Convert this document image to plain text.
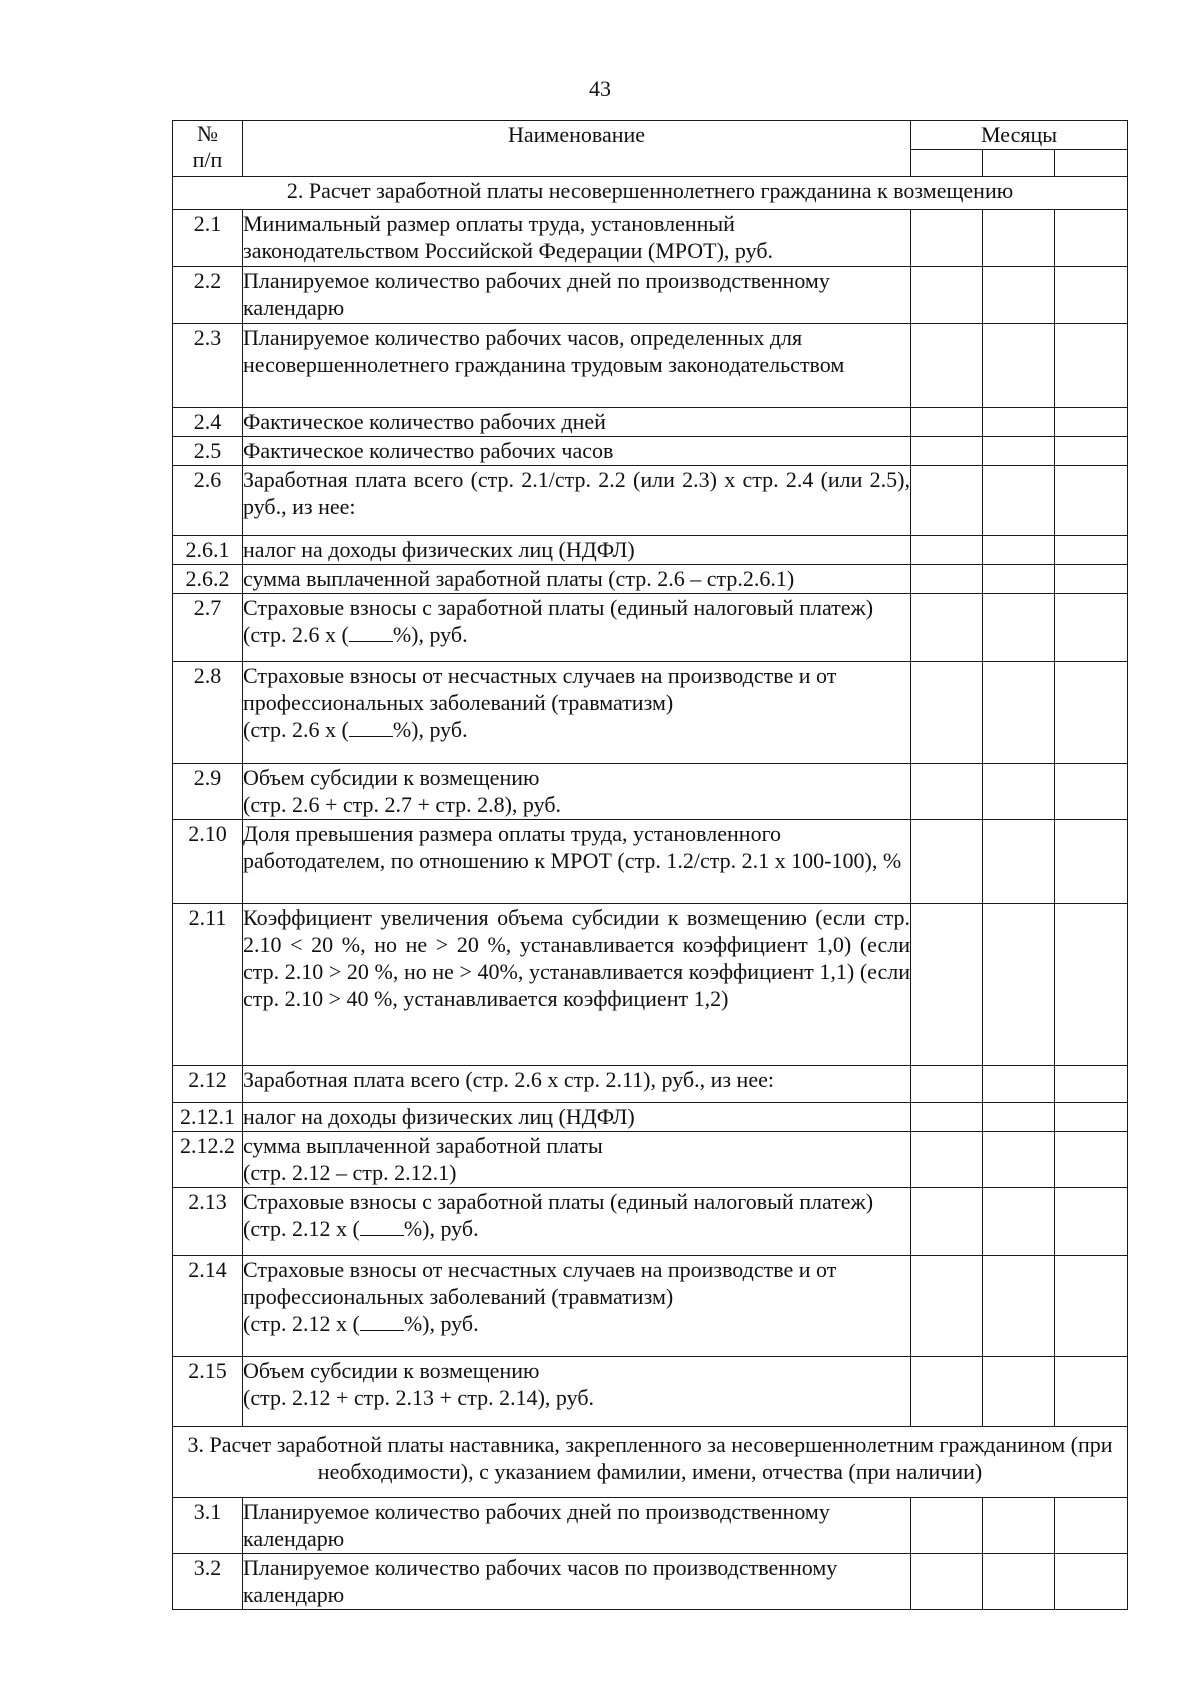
43
№
п/п	Наименование	Месяцы		

2. Расчет заработной платы несовершеннолетнего гражданина к возмещению				
2.1	Минимальный размер оплаты труда, установленный законодательством Российской Федерации (МРОТ), руб.			
2.2	Планируемое количество рабочих дней по производственному календарю			
2.3	Планируемое количество рабочих часов, определенных для несовершеннолетнего гражданина трудовым законодательством			
2.4	Фактическое количество рабочих дней			
2.5	Фактическое количество рабочих часов			
2.6	Заработная плата всего (стр. 2.1/стр. 2.2 (или 2.3) х стр. 2.4 (или 2.5), руб., из нее:			
2.6.1	налог на доходы физических лиц (НДФЛ)			
2.6.2	сумма выплаченной заработной платы (стр. 2.6 – стр.2.6.1)			
2.7	Страховые взносы с заработной платы (единый налоговый платеж) (стр. 2.6 х ( %), руб.			
2.8	Страховые взносы от несчастных случаев на производстве и от профессиональных заболеваний (травматизм)
(стр. 2.6 х ( %), руб.			
2.9	Объем субсидии к возмещению
(стр. 2.6 + стр. 2.7 + стр. 2.8), руб.			
2.10	Доля превышения размера оплаты труда, установленного работодателем, по отношению к МРОТ (стр. 1.2/стр. 2.1 х 100-100), %			
2.11	Коэффициент увеличения объема субсидии к возмещению (если стр. 2.10 < 20 %, но не > 20 %, устанавливается коэффициент 1,0) (если стр. 2.10 > 20 %, но не > 40%, устанавливается коэффициент 1,1) (если стр. 2.10 > 40 %, устанавливается коэффициент 1,2)			
2.12	Заработная плата всего (стр. 2.6 х стр. 2.11), руб., из нее:			
2.12.1	налог на доходы физических лиц (НДФЛ)			
2.12.2	сумма выплаченной заработной платы
(стр. 2.12 – стр. 2.12.1)			
2.13	Страховые взносы с заработной платы (единый налоговый платеж) (стр. 2.12 х ( %), руб.			
2.14	Страховые взносы от несчастных случаев на производстве и от профессиональных заболеваний (травматизм)
(стр. 2.12 х ( %), руб.			
2.15	Объем субсидии к возмещению
(стр. 2.12 + стр. 2.13 + стр. 2.14), руб.			
3. Расчет заработной платы наставника, закрепленного за несовершеннолетним гражданином (при необходимости), с указанием фамилии, имени, отчества (при наличии)				
3.1	Планируемое количество рабочих дней по производственному календарю			
3.2	Планируемое количество рабочих часов по производственному календарю			
